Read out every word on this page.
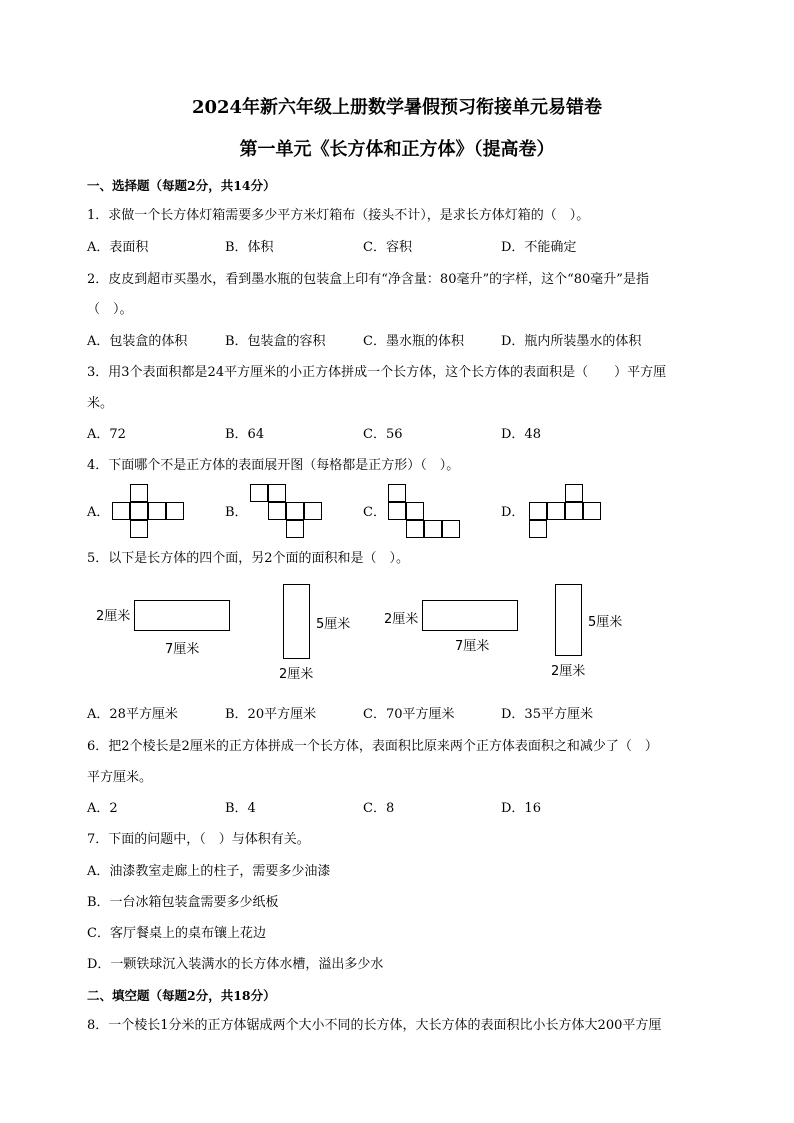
2024年新六年级上册数学暑假预习衔接单元易错卷
第一单元《长方体和正方体》（提高卷）
一、选择题（每题2分，共14分）
1．求做一个长方体灯箱需要多少平方米灯箱布（接头不计），是求长方体灯箱的（　）。
A．表面积	B．体积	C．容积	D．不能确定
2．皮皮到超市买墨水，看到墨水瓶的包装盒上印有“净含量：80毫升”的字样，这个“80毫升”是指
（　）。
A．包装盒的体积	B．包装盒的容积	C．墨水瓶的体积	D．瓶内所装墨水的体积
3．用3个表面积都是24平方厘米的小正方体拼成一个长方体，这个长方体的表面积是（　　）平方厘
米。
A．72	B．64	C．56	D．48
4．下面哪个不是正方体的表面展开图（每格都是正方形）（　）。
A．	B．	C．	D．
5．以下是长方体的四个面，另2个面的面积和是（　）。
2厘米
7厘米
5厘米
2厘米
2厘米
7厘米
5厘米
2厘米
A．28平方厘米	B．20平方厘米	C．70平方厘米	D．35平方厘米
6．把2个棱长是2厘米的正方体拼成一个长方体，表面积比原来两个正方体表面积之和减少了（　）
平方厘米。
A．2	B．4	C．8	D．16
7．下面的问题中，（　）与体积有关。
A．油漆教室走廊上的柱子，需要多少油漆
B．一台冰箱包装盒需要多少纸板
C．客厅餐桌上的桌布镶上花边
D．一颗铁球沉入装满水的长方体水槽，溢出多少水
二、填空题（每题2分，共18分）
8．一个棱长1分米的正方体锯成两个大小不同的长方体，大长方体的表面积比小长方体大200平方厘
